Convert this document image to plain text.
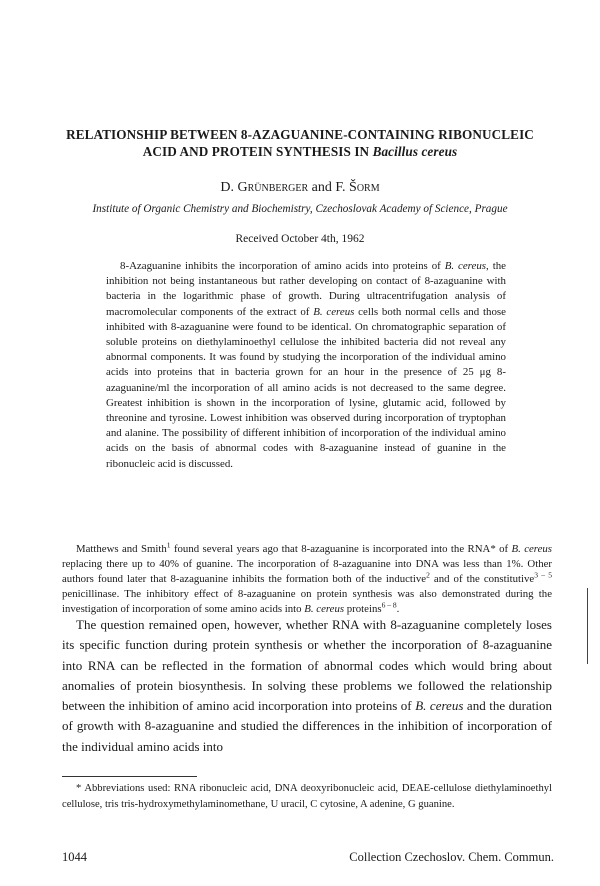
RELATIONSHIP BETWEEN 8-AZAGUANINE-CONTAINING RIBONUCLEIC
ACID AND PROTEIN SYNTHESIS IN Bacillus cereus
D. Grünberger and F. Šorm
Institute of Organic Chemistry and Biochemistry, Czechoslovak Academy of Science, Prague
Received October 4th, 1962

8-Azaguanine inhibits the incorporation of amino acids into proteins of B. cereus, the inhibition not being instantaneous but rather developing on contact of 8-azaguanine with bacteria in the logarithmic phase of growth. During ultracentrifugation analysis of macromolecular components of the extract of B. cereus cells both normal cells and those inhibited with 8-azaguanine were found to be identical. On chromatographic separation of soluble proteins on diethylaminoethyl cellulose the inhibited bacteria did not reveal any abnormal components. It was found by studying the incorporation of the individual amino acids into proteins that in bacteria grown for an hour in the presence of 25 μg 8-azaguanine/ml the incorporation of all amino acids is not decreased to the same degree. Greatest inhibition is shown in the incorporation of lysine, glutamic acid, followed by threonine and tyrosine. Lowest inhibition was observed during incorporation of tryptophan and alanine. The possibility of different inhibition of incorporation of the individual amino acids on the basis of abnormal codes with 8-azaguanine instead of guanine in the ribonucleic acid is discussed.

Matthews and Smith$^1$ found several years ago that 8-azaguanine is incorporated into the RNA* of B. cereus replacing there up to 40% of guanine. The incorporation of 8-azaguanine into DNA was less than 1%. Other authors found later that 8-azaguanine inhibits the formation both of the inductive$^2$ and of the constitutive$^{3 - 5}$ penicillinase. The inhibitory effect of 8-azaguanine on protein synthesis was also demonstrated during the investigation of incorporation of some amino acids into B. cereus proteins$^{6 - 8}$.

The question remained open, however, whether RNA with 8-azaguanine completely loses its specific function during protein synthesis or whether the incorporation of 8-azaguanine into RNA can be reflected in the formation of abnormal codes which would bring about anomalies of protein biosynthesis. In solving these problems we followed the relationship between the inhibition of amino acid incorporation into proteins of B. cereus and the duration of growth with 8-azaguanine and studied the differences in the inhibition of incorporation of the individual amino acids into

* Abbreviations used: RNA ribonucleic acid, DNA deoxyribonucleic acid, DEAE-cellulose diethylaminoethyl cellulose, tris tris-hydroxymethylaminomethane, U uracil, C cytosine, A adenine, G guanine.

1044	Collection Czechoslov. Chem. Commun.
